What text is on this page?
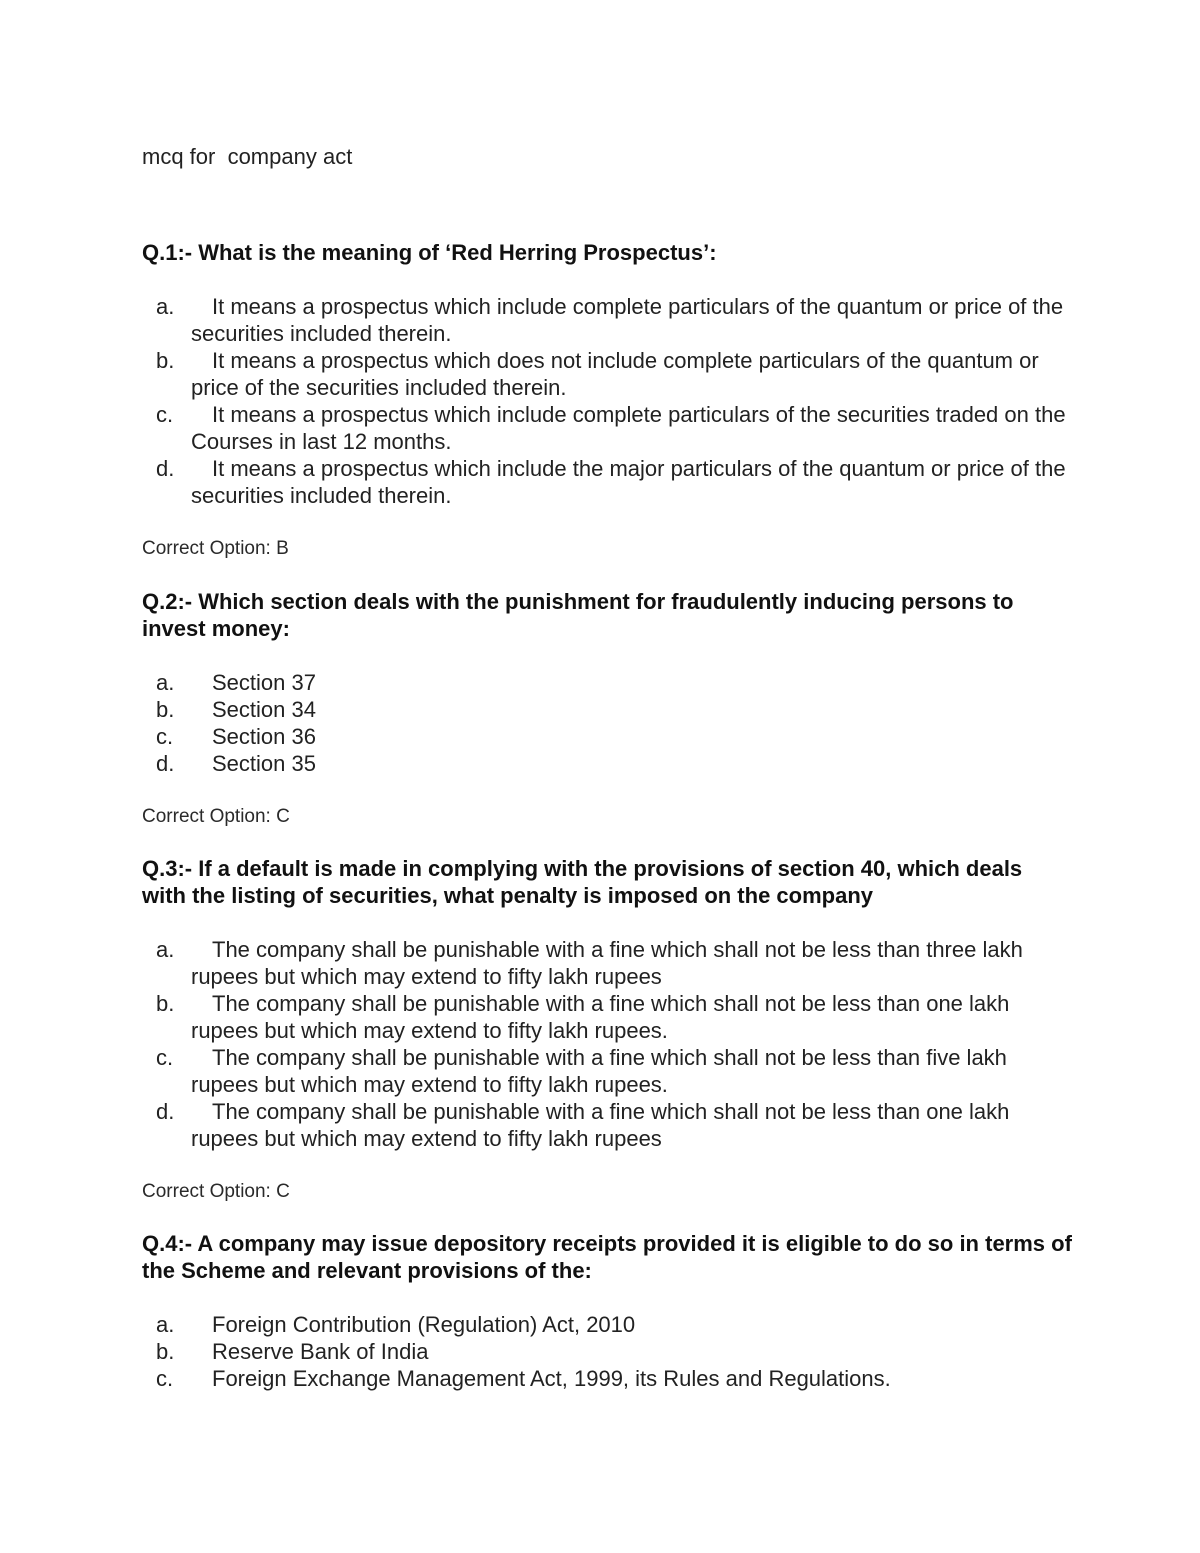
mcq for  company act

Q.1:- What is the meaning of ‘Red Herring Prospectus’:

a.	It means a prospectus which include complete particulars of the quantum or price of the securities included therein.
b.	It means a prospectus which does not include complete particulars of the quantum or price of the securities included therein.
c.	It means a prospectus which include complete particulars of the securities traded on the Courses in last 12 months.
d.	It means a prospectus which include the major particulars of the quantum or price of the securities included therein.
Correct Option: B

Q.2:- Which section deals with the punishment for fraudulently inducing persons to invest money:

a.	Section 37
b.	Section 34
c.	Section 36
d.	Section 35
Correct Option: C

Q.3:- If a default is made in complying with the provisions of section 40, which deals with the listing of securities, what penalty is imposed on the company

a.	The company shall be punishable with a fine which shall not be less than three lakh rupees but which may extend to fifty lakh rupees
b.	The company shall be punishable with a fine which shall not be less than one lakh rupees but which may extend to fifty lakh rupees.
c.	The company shall be punishable with a fine which shall not be less than five lakh rupees but which may extend to fifty lakh rupees.
d.	The company shall be punishable with a fine which shall not be less than one lakh rupees but which may extend to fifty lakh rupees
Correct Option: C

Q.4:- A company may issue depository receipts provided it is eligible to do so in terms of the Scheme and relevant provisions of the:

a.	Foreign Contribution (Regulation) Act, 2010
b.	Reserve Bank of India
c.	Foreign Exchange Management Act, 1999, its Rules and Regulations.
